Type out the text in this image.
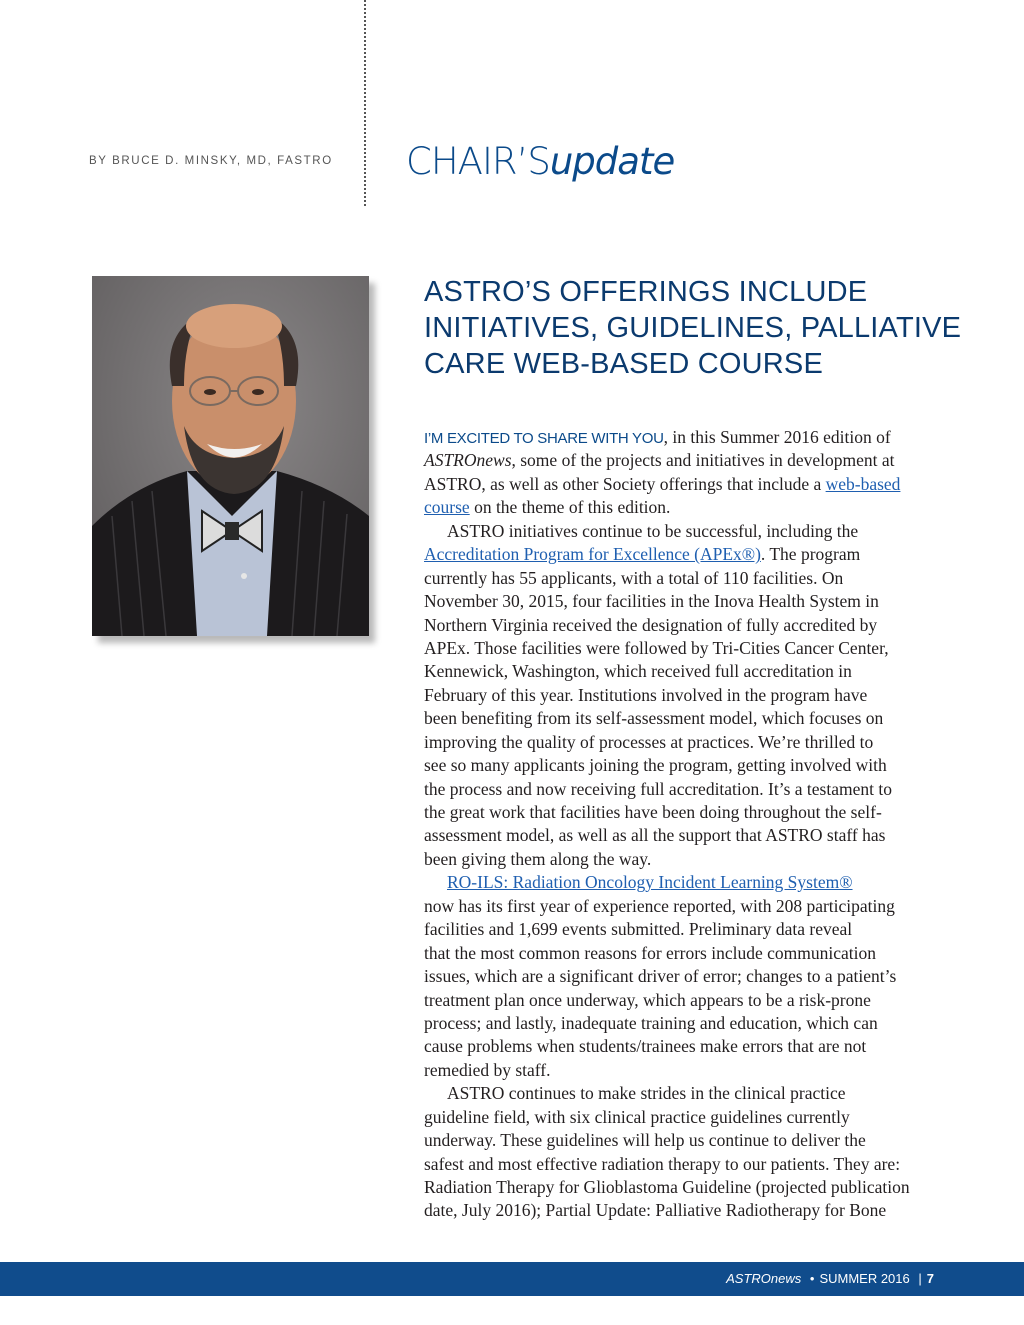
BY BRUCE D. MINSKY, MD, FASTRO CHAIR’Supdate
ASTRO’S OFFERINGS INCLUDE
INITIATIVES, GUIDELINES, PALLIATIVE
CARE WEB-BASED COURSE
I’M EXCITED TO SHARE WITH YOU, in this Summer 2016 edition of
ASTROnews, some of the projects and initiatives in development at
ASTRO, as well as other Society offerings that include a web-based
course on the theme of this edition.
ASTRO initiatives continue to be successful, including the
Accreditation Program for Excellence (APEx®). The program
currently has 55 applicants, with a total of 110 facilities. On
November 30, 2015, four facilities in the Inova Health System in
Northern Virginia received the designation of fully accredited by
APEx. Those facilities were followed by Tri-Cities Cancer Center,
Kennewick, Washington, which received full accreditation in
February of this year. Institutions involved in the program have
been benefiting from its self-assessment model, which focuses on
improving the quality of processes at practices. We’re thrilled to
see so many applicants joining the program, getting involved with
the process and now receiving full accreditation. It’s a testament to
the great work that facilities have been doing throughout the self-
assessment model, as well as all the support that ASTRO staff has
been giving them along the way.
RO-ILS: Radiation Oncology Incident Learning System®
now has its first year of experience reported, with 208 participating
facilities and 1,699 events submitted. Preliminary data reveal
that the most common reasons for errors include communication
issues, which are a significant driver of error; changes to a patient’s
treatment plan once underway, which appears to be a risk-prone
process; and lastly, inadequate training and education, which can
cause problems when students/trainees make errors that are not
remedied by staff.
ASTRO continues to make strides in the clinical practice
guideline field, with six clinical practice guidelines currently
underway. These guidelines will help us continue to deliver the
safest and most effective radiation therapy to our patients. They are:
Radiation Therapy for Glioblastoma Guideline (projected publication
date, July 2016); Partial Update: Palliative Radiotherapy for Bone
ASTROnews • SUMMER 2016 | 7
